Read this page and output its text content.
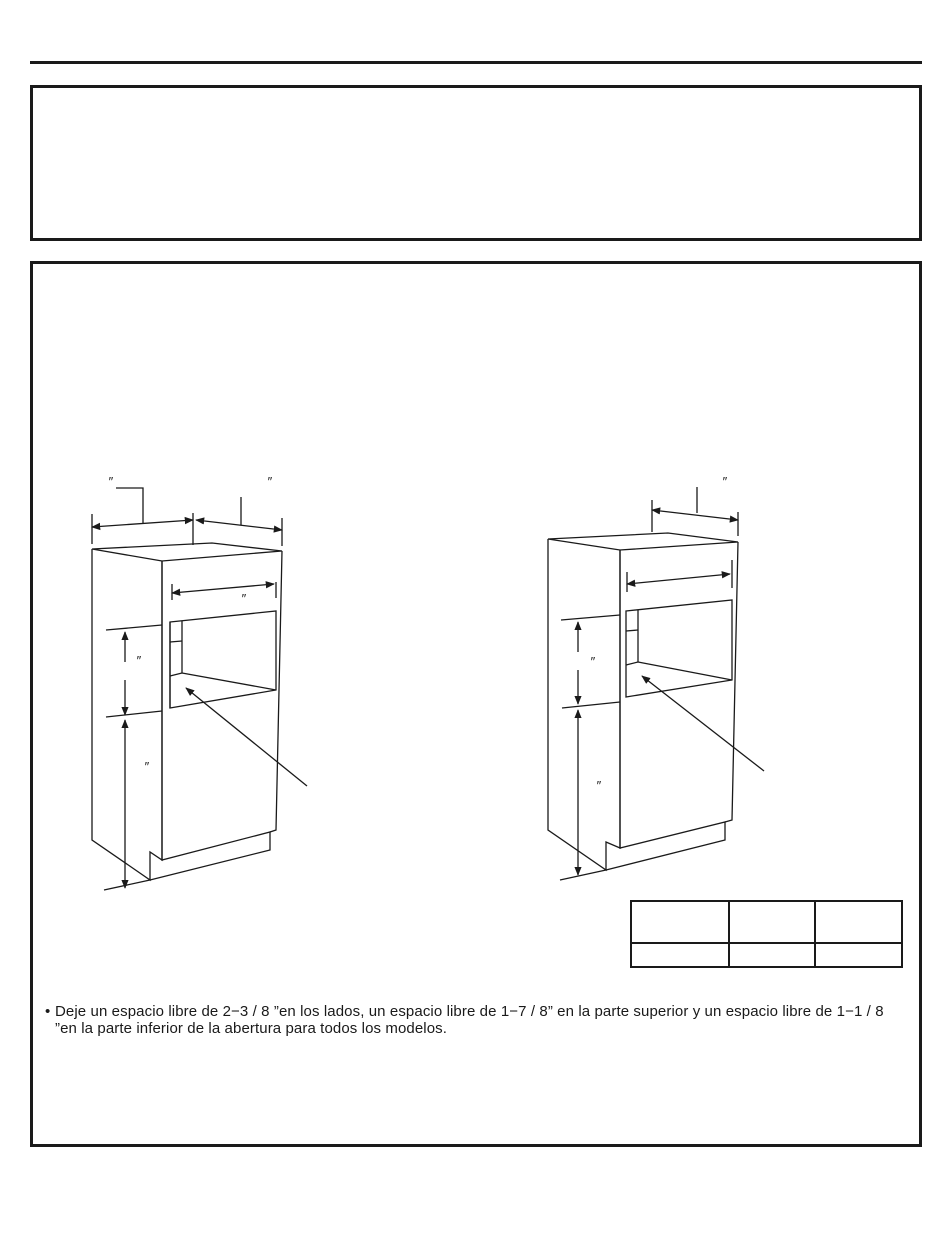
″	″
″
″
″
″
″
″

• Deje un espacio libre de 2−3 / 8 ”en los lados, un espacio libre de 1−7 / 8” en la parte superior y un espacio libre de 1−1 / 8 ”en la parte inferior de la abertura para todos los modelos.
